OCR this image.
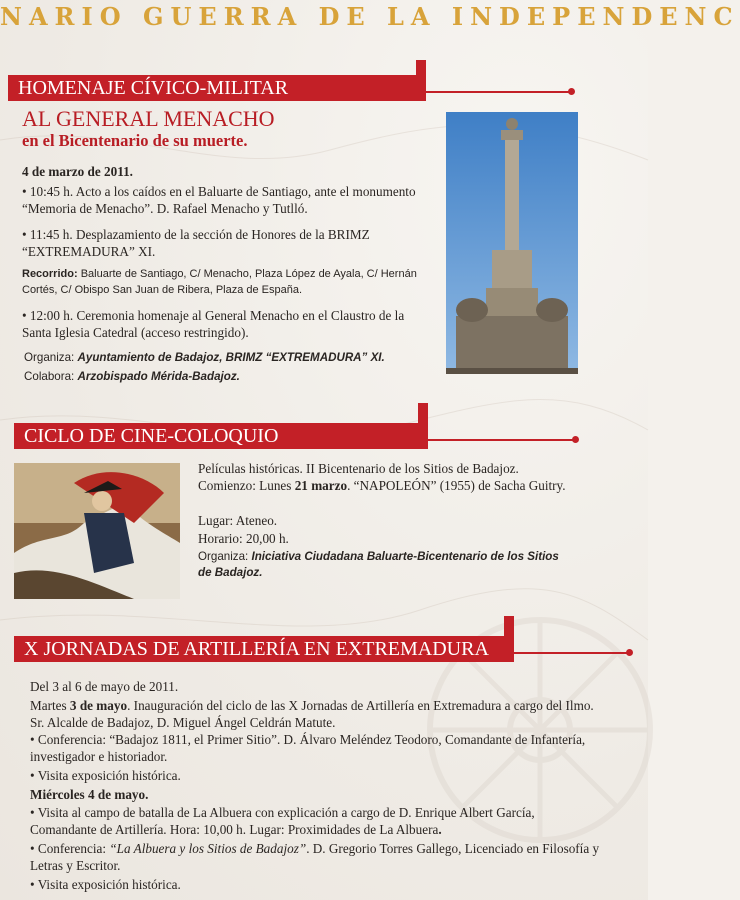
NARIO GUERRA DE LA INDEPENDENC
HOMENAJE CÍVICO-MILITAR
AL GENERAL MENACHO
en el Bicentenario de su muerte.
4 de marzo de 2011.
• 10:45 h. Acto a los caídos en el Baluarte de Santiago, ante el monumento “Memoria de Menacho”. D. Rafael Menacho y Tutlló.
• 11:45 h. Desplazamiento de la sección de Honores de la BRIMZ “EXTREMADURA” XI.
Recorrido: Baluarte de Santiago, C/ Menacho, Plaza López de Ayala, C/ Hernán Cortés, C/ Obispo San Juan de Ribera, Plaza de España.
• 12:00 h. Ceremonia homenaje al General Menacho en el Claustro de la Santa Iglesia Catedral (acceso restringido).
Organiza: Ayuntamiento de Badajoz, BRIMZ “EXTREMADURA” XI.
Colabora: Arzobispado Mérida-Badajoz.
CICLO DE CINE-COLOQUIO
Películas históricas. II Bicentenario de los Sitios de Badajoz.
Comienzo: Lunes 21 marzo. “NAPOLEÓN” (1955) de Sacha Guitry.
Lugar: Ateneo.
Horario: 20,00 h.
Organiza: Iniciativa Ciudadana Baluarte-Bicentenario de los Sitios de Badajoz.
X JORNADAS DE ARTILLERÍA EN EXTREMADURA
Del 3 al 6 de mayo de 2011.
Martes 3 de mayo. Inauguración del ciclo de las X Jornadas de Artillería en Extremadura a cargo del Ilmo. Sr. Alcalde de Badajoz, D. Miguel Ángel Celdrán Matute.
• Conferencia: “Badajoz 1811, el Primer Sitio”. D. Álvaro Meléndez Teodoro, Comandante de Infantería, investigador e historiador.
• Visita exposición histórica.
Miércoles 4 de mayo.
• Visita al campo de batalla de La Albuera con explicación a cargo de D. Enrique Albert García, Comandante de Artillería. Hora: 10,00 h. Lugar: Proximidades de La Albuera.
• Conferencia: “La Albuera y los Sitios de Badajoz”. D. Gregorio Torres Gallego, Licenciado en Filosofía y Letras y Escritor.
• Visita exposición histórica.
